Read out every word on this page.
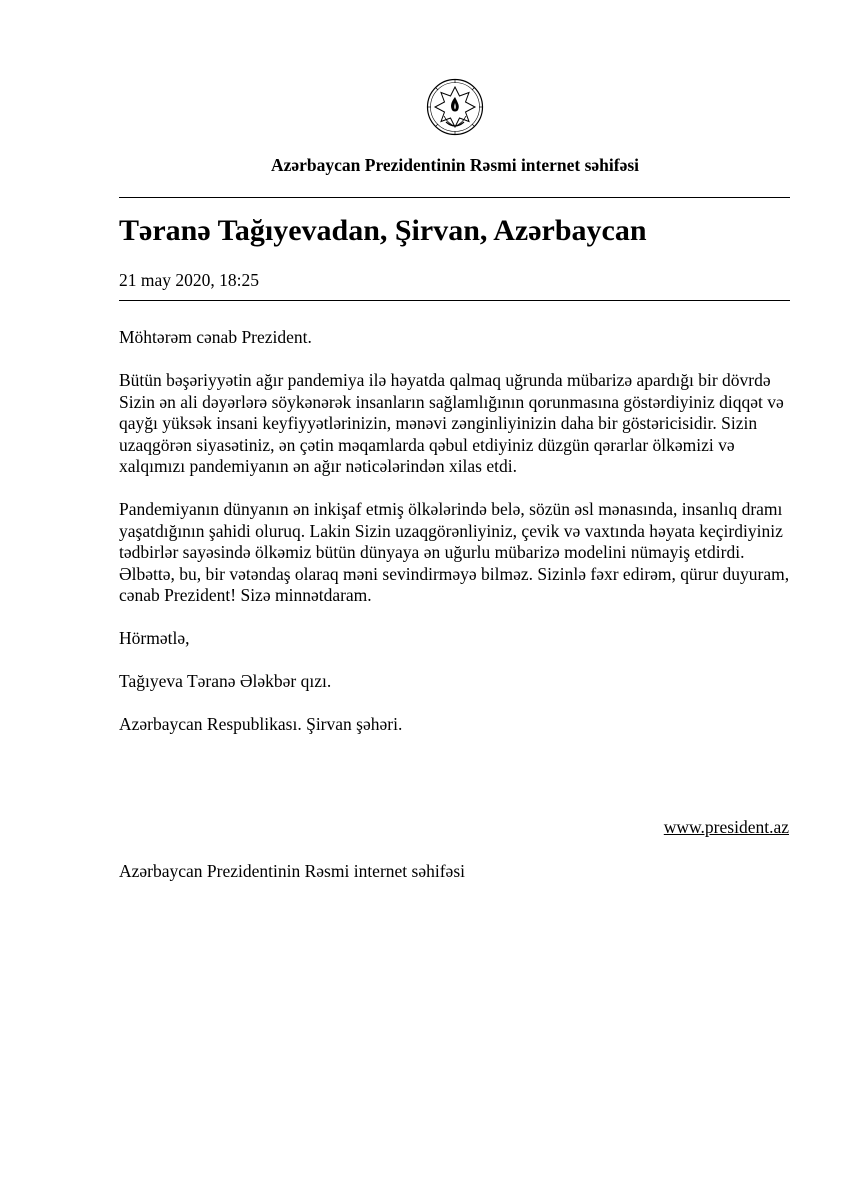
Azərbaycan Prezidentinin Rəsmi internet səhifəsi
Təranə Tağıyevadan, Şirvan, Azərbaycan
21 may 2020, 18:25

Möhtərəm cənab Prezident.

Bütün bəşəriyyətin ağır pandemiya ilə həyatda qalmaq uğrunda mübarizə apardığı bir dövrdə Sizin ən ali dəyərlərə söykənərək insanların sağlamlığının qorunmasına göstərdiyiniz diqqət və qayğı yüksək insani keyfiyyətlərinizin, mənəvi zənginliyinizin daha bir göstəricisidir. Sizin uzaqgörən siyasətiniz, ən çətin məqamlarda qəbul etdiyiniz düzgün qərarlar ölkəmizi və xalqımızı pandemiyanın ən ağır nəticələrindən xilas etdi.

Pandemiyanın dünyanın ən inkişaf etmiş ölkələrində belə, sözün əsl mənasında, insanlıq dramı yaşatdığının şahidi oluruq. Lakin Sizin uzaqgörənliyiniz, çevik və vaxtında həyata keçirdiyiniz tədbirlər sayəsində ölkəmiz bütün dünyaya ən uğurlu mübarizə modelini nümayiş etdirdi. Əlbəttə, bu, bir vətəndaş olaraq məni sevindirməyə bilməz. Sizinlə fəxr edirəm, qürur duyuram, cənab Prezident! Sizə minnətdaram.

Hörmətlə,

Tağıyeva Təranə Ələkbər qızı.

Azərbaycan Respublikası. Şirvan şəhəri.

www.president.az
Azərbaycan Prezidentinin Rəsmi internet səhifəsi
